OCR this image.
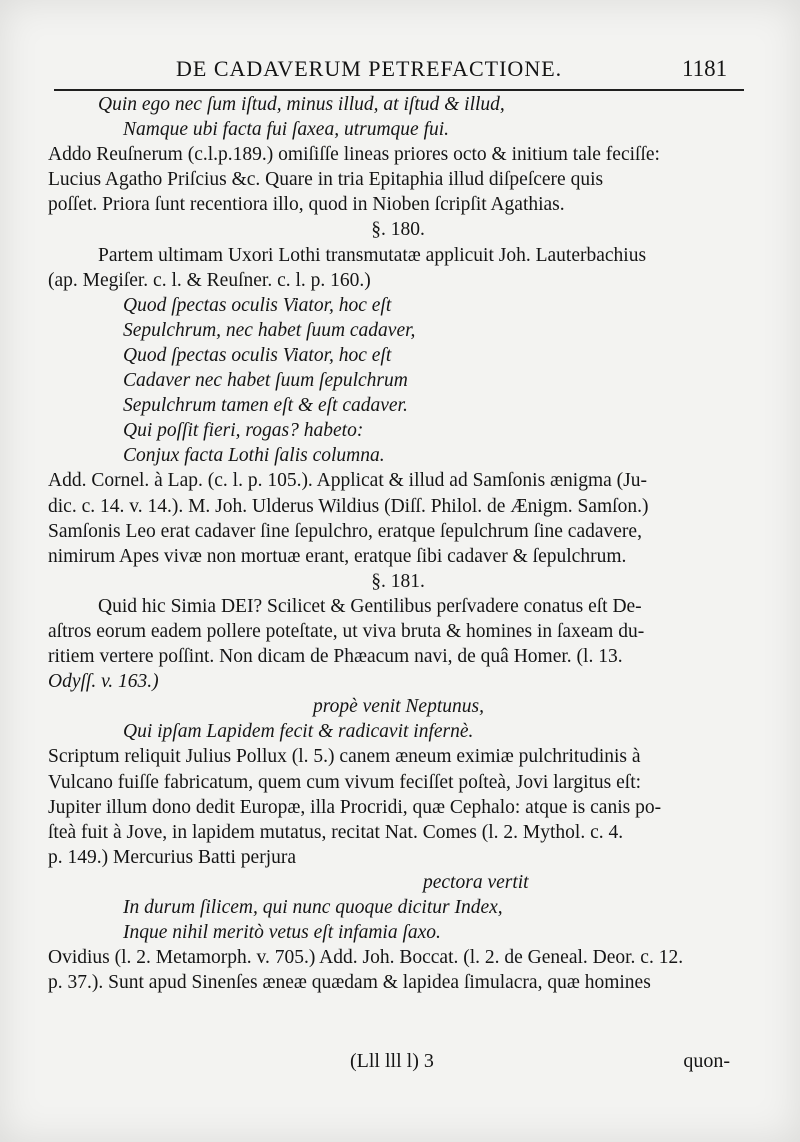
DE CADAVERUM PETREFACTIONE.	1181
Quin ego nec ſum iſtud, minus illud, at iſtud & illud,
Namque ubi facta fui ſaxea, utrumque fui.
Addo Reuſnerum (c.l.p.189.) omiſiſſe lineas priores octo & initium tale feciſſe:
Lucius Agatho Priſcius &c. Quare in tria Epitaphia illud diſpeſcere quis
poſſet. Priora ſunt recentiora illo, quod in Nioben ſcripſit Agathias.
§. 180.
Partem ultimam Uxori Lothi transmutatæ applicuit Joh. Lauterbachius
(ap. Megiſer. c. l. & Reuſner. c. l. p. 160.)
Quod ſpectas oculis Viator, hoc eſt
Sepulchrum, nec habet ſuum cadaver,
Quod ſpectas oculis Viator, hoc eſt
Cadaver nec habet ſuum ſepulchrum
Sepulchrum tamen eſt & eſt cadaver.
Qui poſſit fieri, rogas? habeto:
Conjux facta Lothi ſalis columna.
Add. Cornel. à Lap. (c. l. p. 105.). Applicat & illud ad Samſonis ænigma (Ju-
dic. c. 14. v. 14.). M. Joh. Ulderus Wildius (Diſſ. Philol. de Ænigm. Samſon.)
Samſonis Leo erat cadaver ſine ſepulchro, eratque ſepulchrum ſine cadavere,
nimirum Apes vivæ non mortuæ erant, eratque ſibi cadaver & ſepulchrum.
§. 181.
Quid hic Simia DEI? Scilicet & Gentilibus perſvadere conatus eſt De-
aſtros eorum eadem pollere poteſtate, ut viva bruta & homines in ſaxeam du-
ritiem vertere poſſint. Non dicam de Phæacum navi, de quâ Homer. (l. 13.
Odyſſ. v. 163.)
propè venit Neptunus,
Qui ipſam Lapidem fecit & radicavit infernè.
Scriptum reliquit Julius Pollux (l. 5.) canem æneum eximiæ pulchritudinis à
Vulcano fuiſſe fabricatum, quem cum vivum feciſſet poſteà, Jovi largitus eſt:
Jupiter illum dono dedit Europæ, illa Procridi, quæ Cephalo: atque is canis po-
ſteà fuit à Jove, in lapidem mutatus, recitat Nat. Comes (l. 2. Mythol. c. 4.
p. 149.) Mercurius Batti perjura
pectora vertit
In durum ſilicem, qui nunc quoque dicitur Index,
Inque nihil meritò vetus eſt infamia ſaxo.
Ovidius (l. 2. Metamorph. v. 705.) Add. Joh. Boccat. (l. 2. de Geneal. Deor. c. 12.
p. 37.). Sunt apud Sinenſes æneæ quædam & lapidea ſimulacra, quæ homines
(Lll lll l) 3	quon-
